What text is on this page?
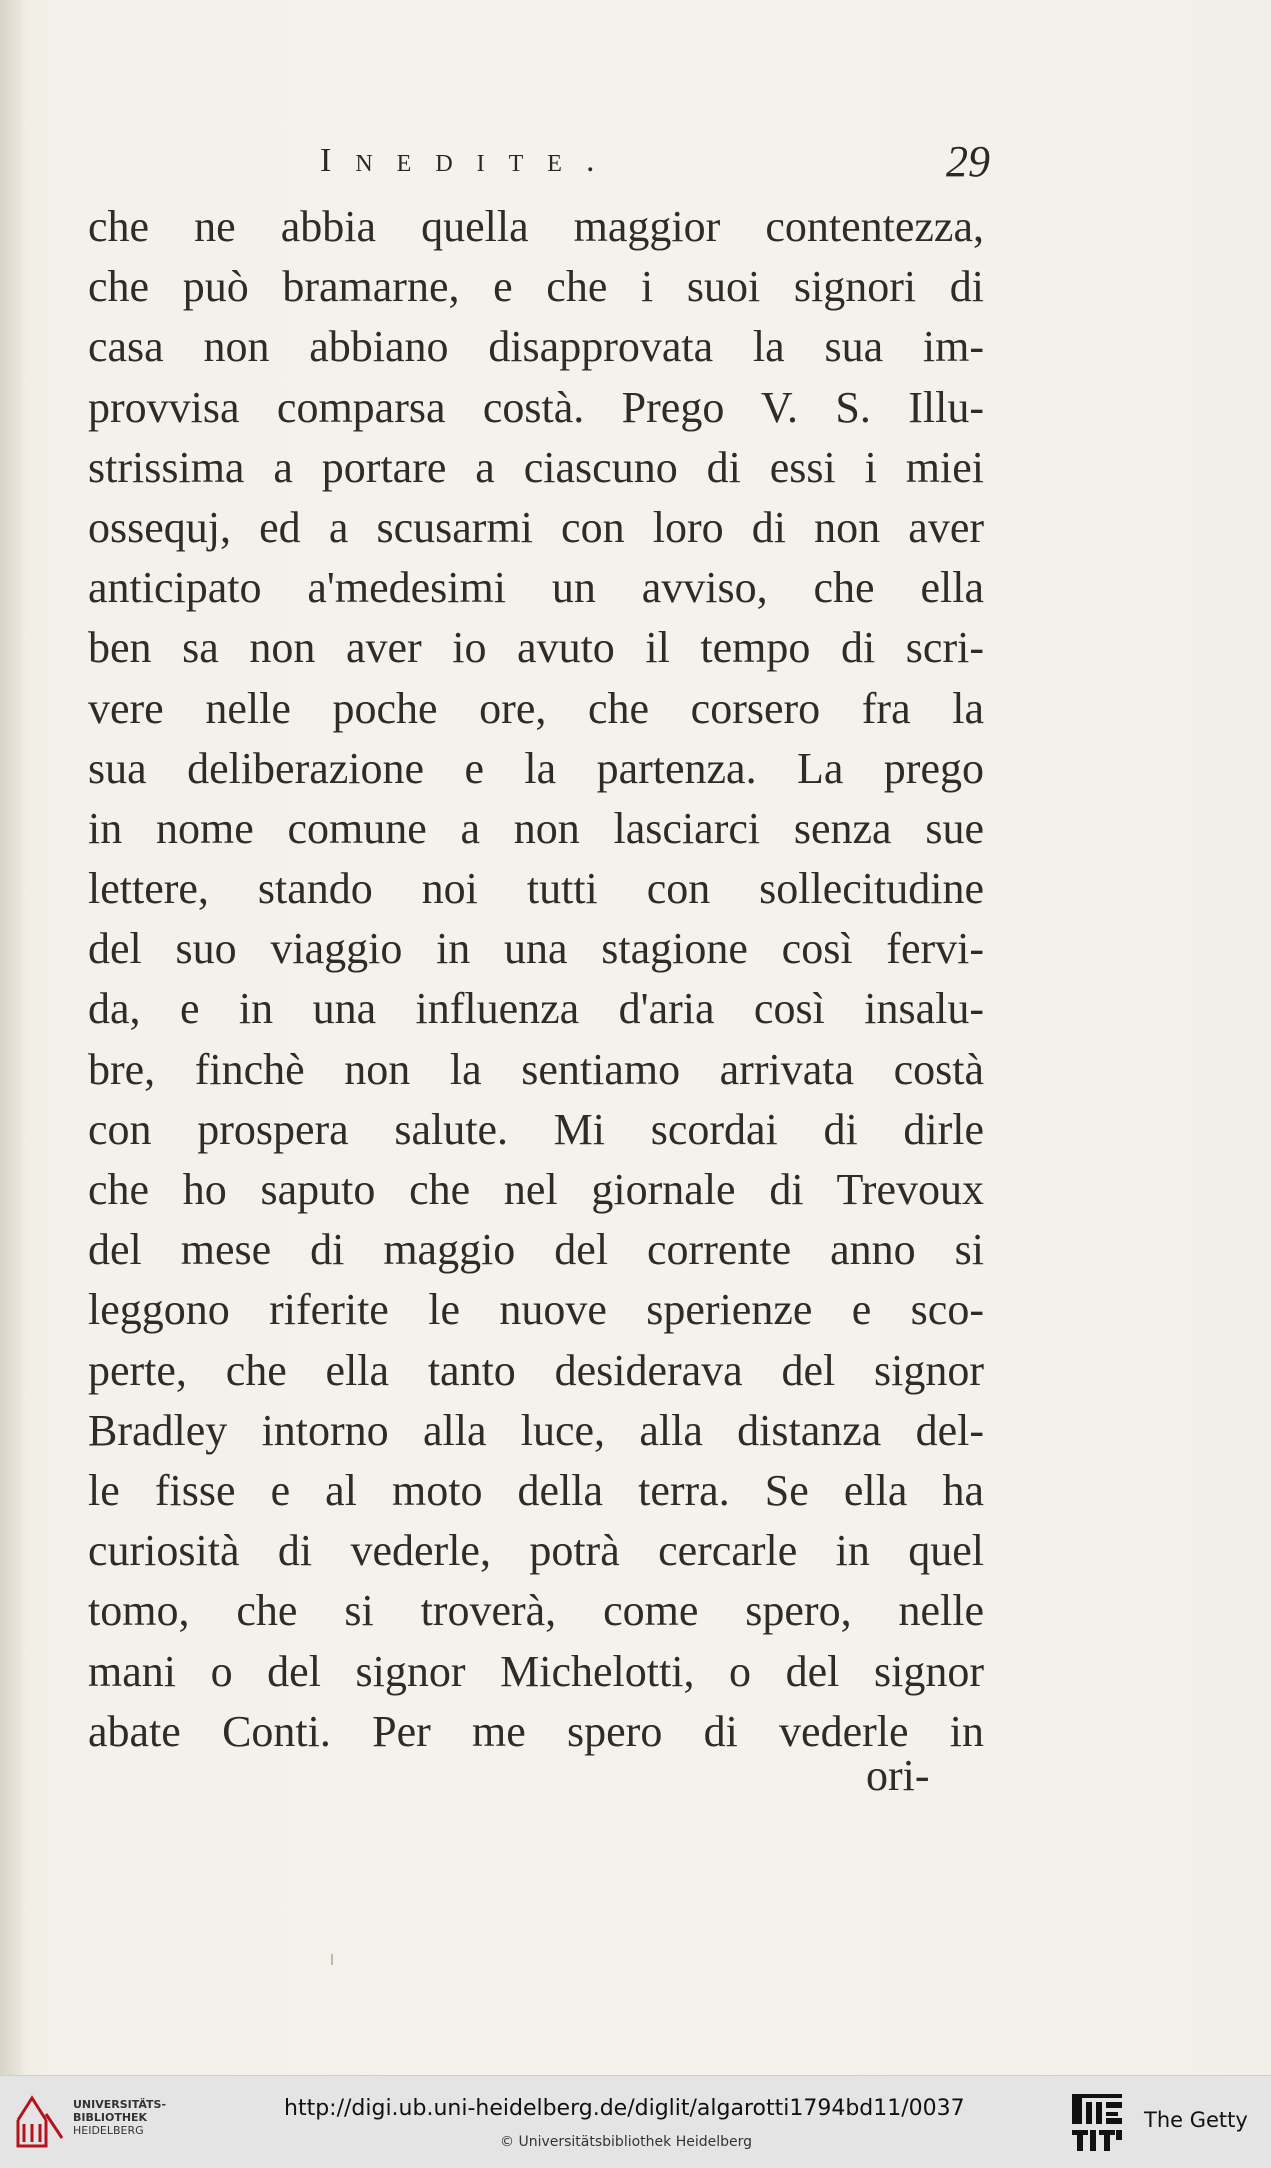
Inedite.	29
che ne abbia quella maggior contentezza,
che può bramarne, e che i suoi signori di
casa non abbiano disapprovata la sua im-
provvisa comparsa costà. Prego V. S. Illu-
strissima a portare a ciascuno di essi i miei
ossequj, ed a scusarmi con loro di non aver
anticipato a'medesimi un avviso, che ella
ben sa non aver io avuto il tempo di scri-
vere nelle poche ore, che corsero fra la
sua deliberazione e la partenza. La prego
in nome comune a non lasciarci senza sue
lettere, stando noi tutti con sollecitudine
del suo viaggio in una stagione così fervi-
da, e in una influenza d'aria così insalu-
bre, finchè non la sentiamo arrivata costà
con prospera salute. Mi scordai di dirle
che ho saputo che nel giornale di Trevoux
del mese di maggio del corrente anno si
leggono riferite le nuove sperienze e sco-
perte, che ella tanto desiderava del signor
Bradley intorno alla luce, alla distanza del-
le fisse e al moto della terra. Se ella ha
curiosità di vederle, potrà cercarle in quel
tomo, che si troverà, come spero, nelle
mani o del signor Michelotti, o del signor
abate Conti. Per me spero di vederle in
ori-
UNIVERSITÄTS-
BIBLIOTHEK
HEIDELBERG
http://digi.ub.uni-heidelberg.de/diglit/algarotti1794bd11/0037
© Universitätsbibliothek Heidelberg
The Getty
